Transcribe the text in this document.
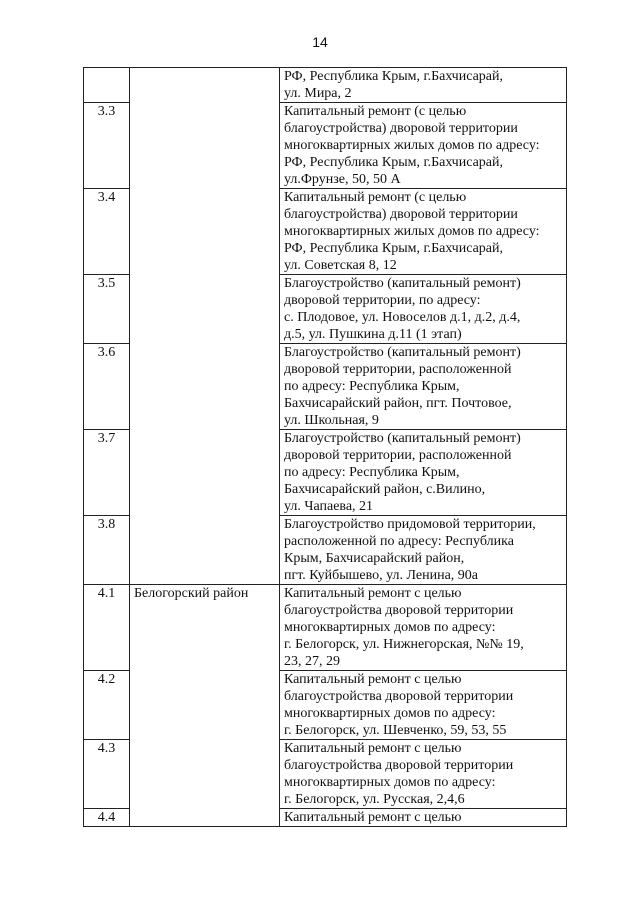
14

		РФ, Республика Крым, г.Бахчисарай,
ул. Мира, 2

3.3		Капитальный ремонт (с целью
благоустройства) дворовой территории
многоквартирных жилых домов по адресу:
РФ, Республика Крым, г.Бахчисарай,
ул.Фрунзе, 50, 50 А

3.4		Капитальный ремонт (с целью
благоустройства) дворовой территории
многоквартирных жилых домов по адресу:
РФ, Республика Крым, г.Бахчисарай,
ул. Советская 8, 12

3.5		Благоустройство (капитальный ремонт)
дворовой территории, по адресу:
с. Плодовое, ул. Новоселов д.1, д.2, д.4,
д.5, ул. Пушкина д.11 (1 этап)

3.6		Благоустройство (капитальный ремонт)
дворовой территории, расположенной
по адресу: Республика Крым,
Бахчисарайский район, пгт. Почтовое,
ул. Школьная, 9

3.7		Благоустройство (капитальный ремонт)
дворовой территории, расположенной
по адресу: Республика Крым,
Бахчисарайский район, с.Вилино,
ул. Чапаева, 21

3.8		Благоустройство придомовой территории,
расположенной по адресу: Республика
Крым, Бахчисарайский район,
пгт. Куйбышево, ул. Ленина, 90а

4.1	Белогорский район	Капитальный ремонт с целью
благоустройства дворовой территории
многоквартирных домов по адресу:
г. Белогорск, ул. Нижнегорская, №№ 19,
23, 27, 29

4.2		Капитальный ремонт с целью
благоустройства дворовой территории
многоквартирных домов по адресу:
г. Белогорск, ул. Шевченко, 59, 53, 55

4.3		Капитальный ремонт с целью
благоустройства дворовой территории
многоквартирных домов по адресу:
г. Белогорск, ул. Русская, 2,4,6

4.4		Капитальный ремонт с целью
